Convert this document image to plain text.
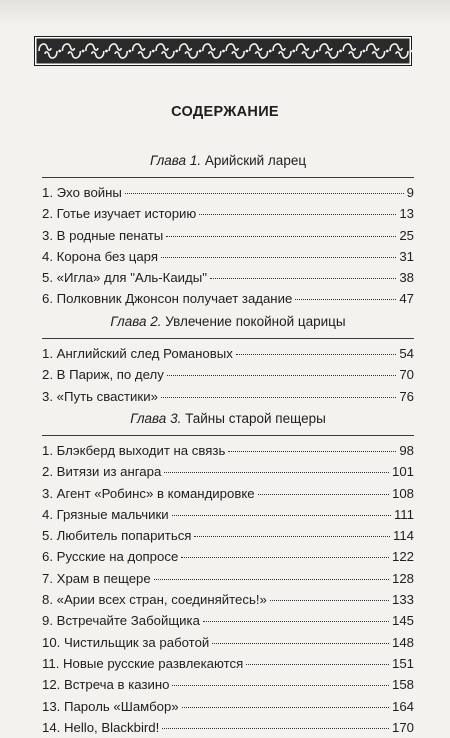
СОДЕРЖАНИЕ
Глава 1. Арийский ларец
1. Эхо войны	9
2. Готье изучает историю	13
3. В родные пенаты	25
4. Корона без царя	31
5. «Игла» для "Аль-Каиды"	38
6. Полковник Джонсон получает задание	47
Глава 2. Увлечение покойной царицы
1. Английский след Романовых	54
2. В Париж, по делу	70
3. «Путь свастики»	76
Глава 3. Тайны старой пещеры
1. Блэкберд выходит на связь	98
2. Витязи из ангара	101
3. Агент «Робинс» в командировке	108
4. Грязные мальчики	111
5. Любитель попариться	114
6. Русские на допросе	122
7. Храм в пещере	128
8. «Арии всех стран, соединяйтесь!»	133
9. Встречайте Забойщика	145
10. Чистильщик за работой	148
11. Новые русские развлекаются	151
12. Встреча в казино	158
13. Пароль «Шамбор»	164
14. Hello, Blackbird!	170
